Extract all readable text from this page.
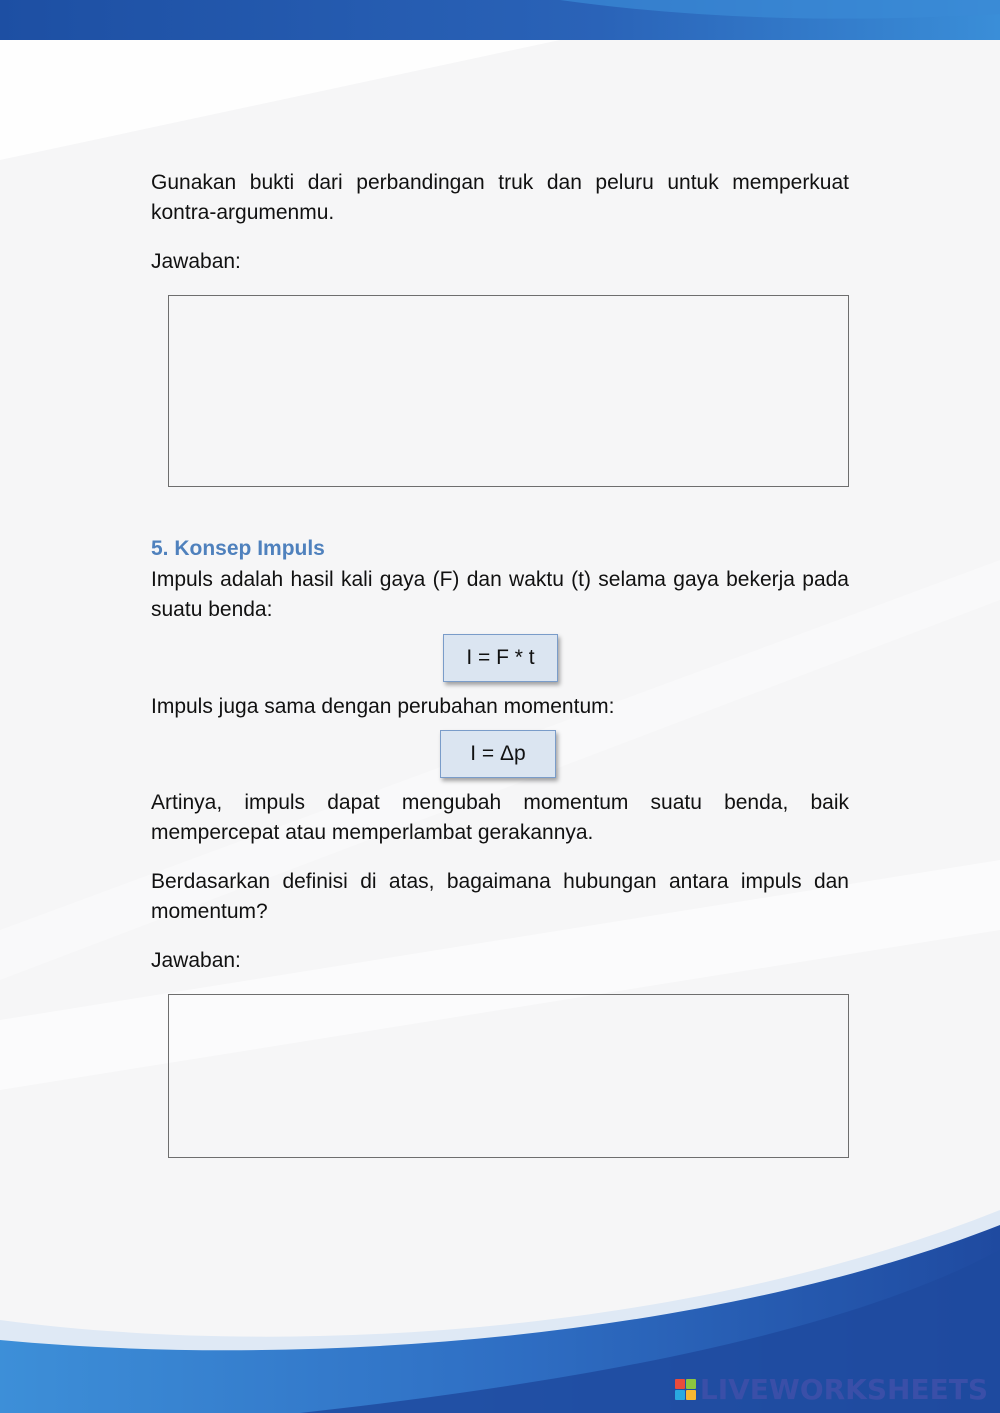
Gunakan bukti dari perbandingan truk dan peluru untuk memperkuat kontra-argumenmu.

Jawaban:

5. Konsep Impuls

Impuls adalah hasil kali gaya (F) dan waktu (t) selama gaya bekerja pada suatu benda:

I = F * t

Impuls juga sama dengan perubahan momentum:

I = Δp

Artinya, impuls dapat mengubah momentum suatu benda, baik mempercepat atau memperlambat gerakannya.

Berdasarkan definisi di atas, bagaimana hubungan antara impuls dan momentum?

Jawaban:

LIVEWORKSHEETS
